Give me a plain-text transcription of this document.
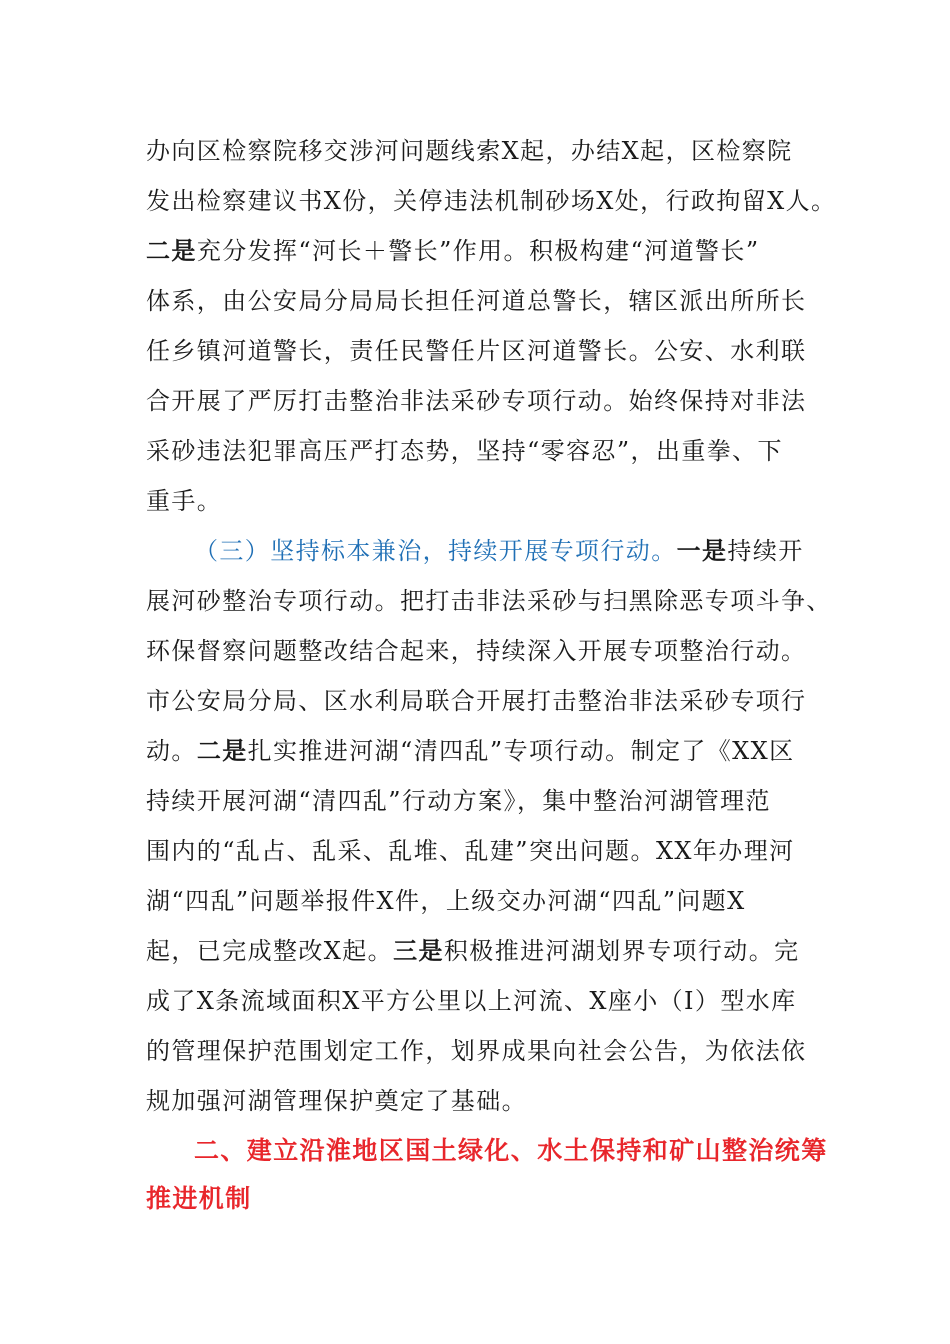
办向区检察院移交涉河问题线索X起，办结X起，区检察院
发出检察建议书X份，关停违法机制砂场X处，行政拘留X人。
二是充分发挥“河长＋警长”作用。积极构建“河道警长”
体系，由公安局分局局长担任河道总警长，辖区派出所所长
任乡镇河道警长，责任民警任片区河道警长。公安、水利联
合开展了严厉打击整治非法采砂专项行动。始终保持对非法
采砂违法犯罪高压严打态势，坚持“零容忍”，出重拳、下
重手。
（三）坚持标本兼治，持续开展专项行动。一是持续开
展河砂整治专项行动。把打击非法采砂与扫黑除恶专项斗争、
环保督察问题整改结合起来，持续深入开展专项整治行动。
市公安局分局、区水利局联合开展打击整治非法采砂专项行
动。二是扎实推进河湖“清四乱”专项行动。制定了《XX区
持续开展河湖“清四乱”行动方案》，集中整治河湖管理范
围内的“乱占、乱采、乱堆、乱建”突出问题。XX年办理河
湖“四乱”问题举报件X件，上级交办河湖“四乱”问题X
起，已完成整改X起。三是积极推进河湖划界专项行动。完
成了X条流域面积X平方公里以上河流、X座小（Ⅰ）型水库
的管理保护范围划定工作，划界成果向社会公告，为依法依
规加强河湖管理保护奠定了基础。
二、建立沿淮地区国土绿化、水土保持和矿山整治统筹
推进机制
